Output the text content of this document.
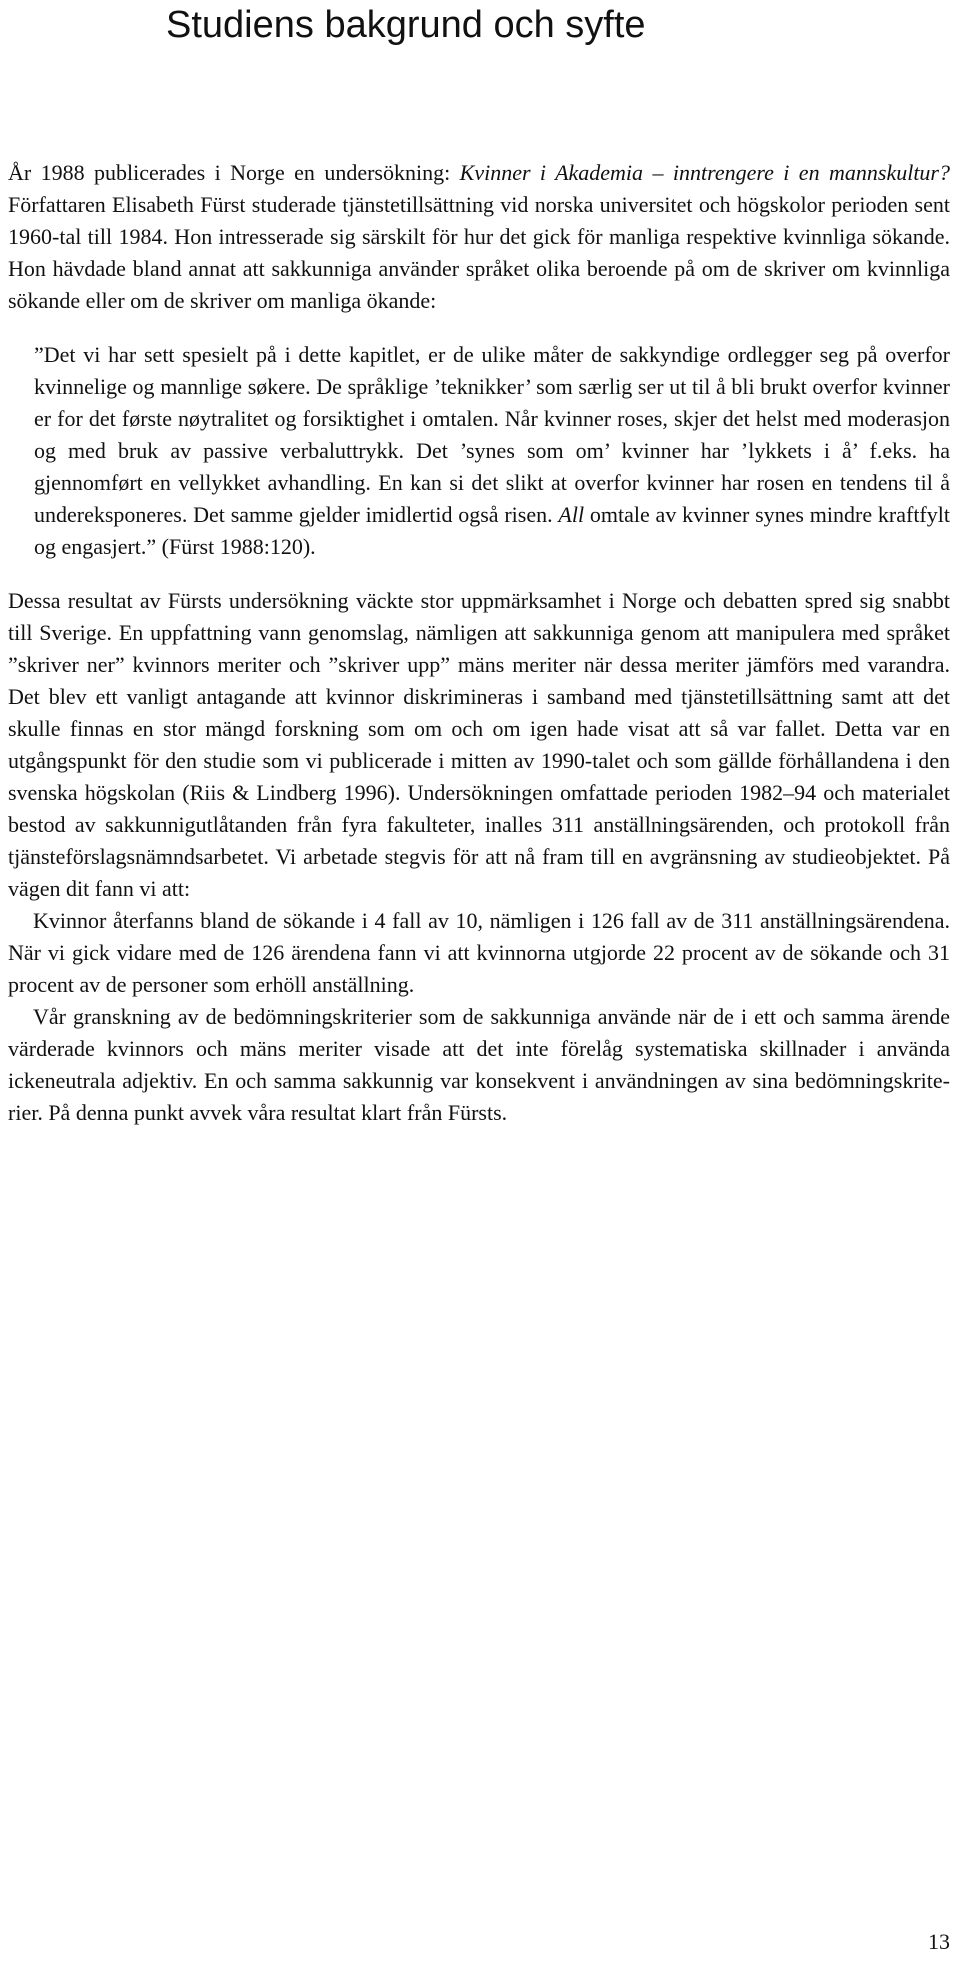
Studiens bakgrund och syfte

År 1988 publicerades i Norge en undersökning: Kvinner i Akademia – inntrengere i en mannskultur? Författaren Elisabeth Fürst studerade tjänstetillsättning vid norska universitet och högskolor perioden sent 1960-tal till 1984. Hon intresserade sig särskilt för hur det gick för manliga respektive kvinnliga sökande. Hon hävdade bland annat att sakkunniga använder språket olika beroende på om de skriver om kvinnliga sökande eller om de skriver om manliga ökande:

”Det vi har sett spesielt på i dette kapitlet, er de ulike måter de sakkyndige ordlegger seg på overfor kvinnelige og mannlige søkere. De språklige ’teknikker’ som særlig ser ut til å bli brukt overfor kvinner er for det første nøytralitet og forsiktighet i omtalen. Når kvinner roses, skjer det helst med moderasjon og med bruk av passive verbaluttrykk. Det ’synes som om’ kvinner har ’lykkets i å’ f.eks. ha gjennomført en vellykket avhandling. En kan si det slikt at overfor kvinner har rosen en tendens til å undereksponeres. Det samme gjelder imidlertid også risen. All omtale av kvinner synes mindre kraftfylt og engasjert.” (Fürst 1988:120).

Dessa resultat av Fürsts undersökning väckte stor uppmärksamhet i Norge och debatten spred sig snabbt till Sverige. En uppfattning vann genomslag, nämligen att sakkunniga genom att manipulera med språket ”skriver ner” kvinnors meriter och ”skriver upp” mäns meriter när dessa meriter jämförs med varandra. Det blev ett vanligt antagande att kvinnor diskrimineras i samband med tjänstetillsättning samt att det skulle finnas en stor mängd forskning som om och om igen hade visat att så var fallet. Detta var en utgångspunkt för den studie som vi publicerade i mitten av 1990-talet och som gällde förhållandena i den svenska högskolan (Riis & Lindberg 1996). Undersökningen omfattade perioden 1982–94 och materialet bestod av sakkunnigutlåtanden från fyra fakulteter, inalles 311 anställningsärenden, och protokoll från tjänsteförslagsnämndsarbetet. Vi arbetade stegvis för att nå fram till en avgränsning av studieobjektet. På vägen dit fann vi att:

Kvinnor återfanns bland de sökande i 4 fall av 10, nämligen i 126 fall av de 311 anställningsärendena. När vi gick vidare med de 126 ärendena fann vi att kvinnorna utgjorde 22 procent av de sökande och 31 procent av de personer som erhöll anställning.

Vår granskning av de bedömningskriterier som de sakkunniga använde när de i ett och samma ärende värderade kvinnors och mäns meriter visade att det inte förelåg systematiska skillnader i använda ickeneutrala adjektiv. En och samma sakkunnig var konsekvent i användningen av sina bedömningskriterier. På denna punkt avvek våra resultat klart från Fürsts.

13
